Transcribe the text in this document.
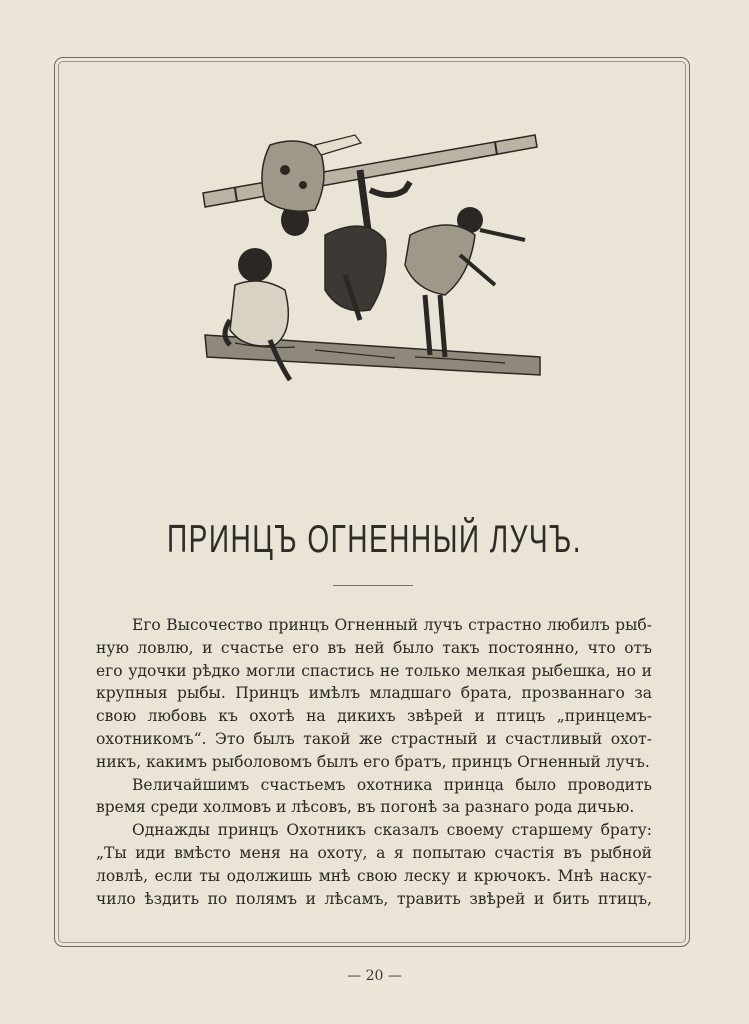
ПРИНЦЪ ОГНЕННЫЙ ЛУЧЪ.

Его Высочество принцъ Огненный лучъ страстно любилъ рыб-
ную ловлю, и счастье его въ ней было такъ постоянно, что отъ
его удочки рѣдко могли спастись не только мелкая рыбешка, но и
крупныя рыбы. Принцъ имѣлъ младшаго брата, прозваннаго за
свою любовь къ охотѣ на дикихъ звѣрей и птицъ „принцемъ-
охотникомъ“. Это былъ такой же страстный и счастливый охот-
никъ, какимъ рыболовомъ былъ его братъ, принцъ Огненный лучъ.

Величайшимъ счастьемъ охотника принца было проводить
время среди холмовъ и лѣсовъ, въ погонѣ за разнаго рода дичью.

Однажды принцъ Охотникъ сказалъ своему старшему брату:
„Ты иди вмѣсто меня на охоту, а я попытаю счастія въ рыбной
ловлѣ, если ты одолжишь мнѣ свою леску и крючокъ. Мнѣ наску-
чило ѣздить по полямъ и лѣсамъ, травить звѣрей и бить птицъ,

— 20 —
